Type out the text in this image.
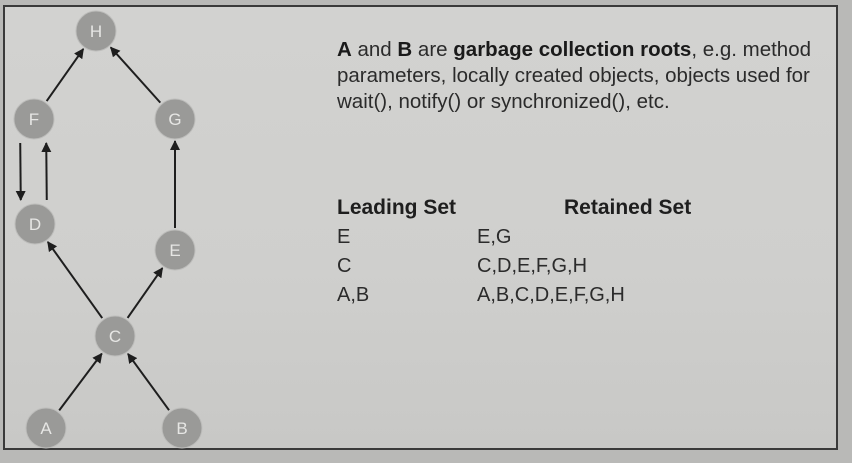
H
F	G
D
E
C
A	B
A and B are garbage collection roots, e.g. method parameters, locally created objects, objects used for wait(), notify() or synchronized(), etc.
Leading Set	Retained Set
E	E,G
C	C,D,E,F,G,H
A,B	A,B,C,D,E,F,G,H
